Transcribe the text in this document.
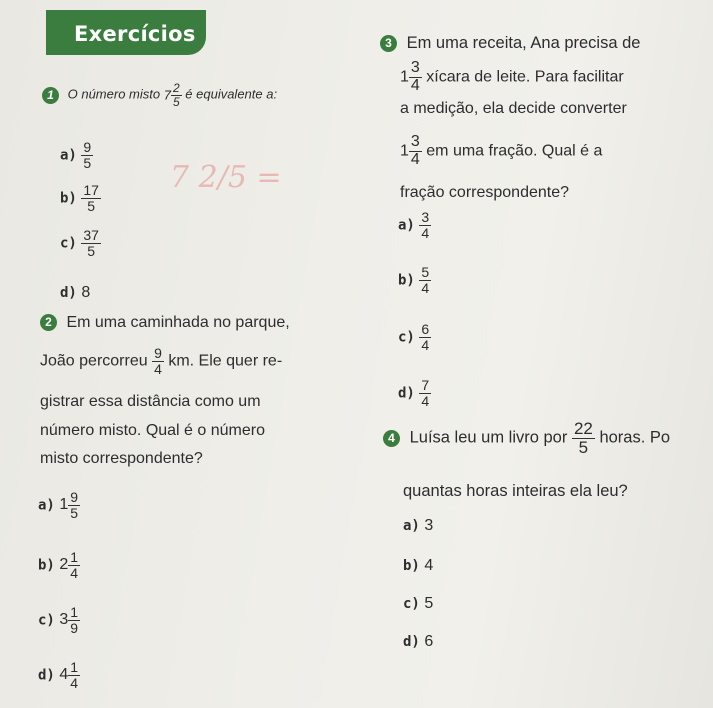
Exercícios
1 O número misto $7 \frac{2}{5}$ é equivalente a:
$a) \frac{9}{5}$
$b) \frac{17}{5}$
$c) \frac{37}{5}$
d) 8
7 2/5 =
2 Em uma caminhada no parque,
João percorreu $\frac{9}{4}$ km. Ele quer re-
gistrar essa distância como um
número misto. Qual é o número
misto correspondente?
a) $1 \frac{9}{5}$
b) $2 \frac{1}{4}$
c) $3 \frac{1}{9}$
d) $4 \frac{1}{4}$
3 Em uma receita, Ana precisa de
$1 \frac{3}{4}$ xícara de leite. Para facilitar
a medição, ela decide converter
$1 \frac{3}{4}$ em uma fração. Qual é a
fração correspondente?
$a) \frac{3}{4}$
$b) \frac{5}{4}$
$c) \frac{6}{4}$
$d) \frac{7}{4}$
4 Luísa leu um livro por $\frac{22}{5}$ horas. Po
quantas horas inteiras ela leu?
a) 3
b) 4
c) 5
d) 6
